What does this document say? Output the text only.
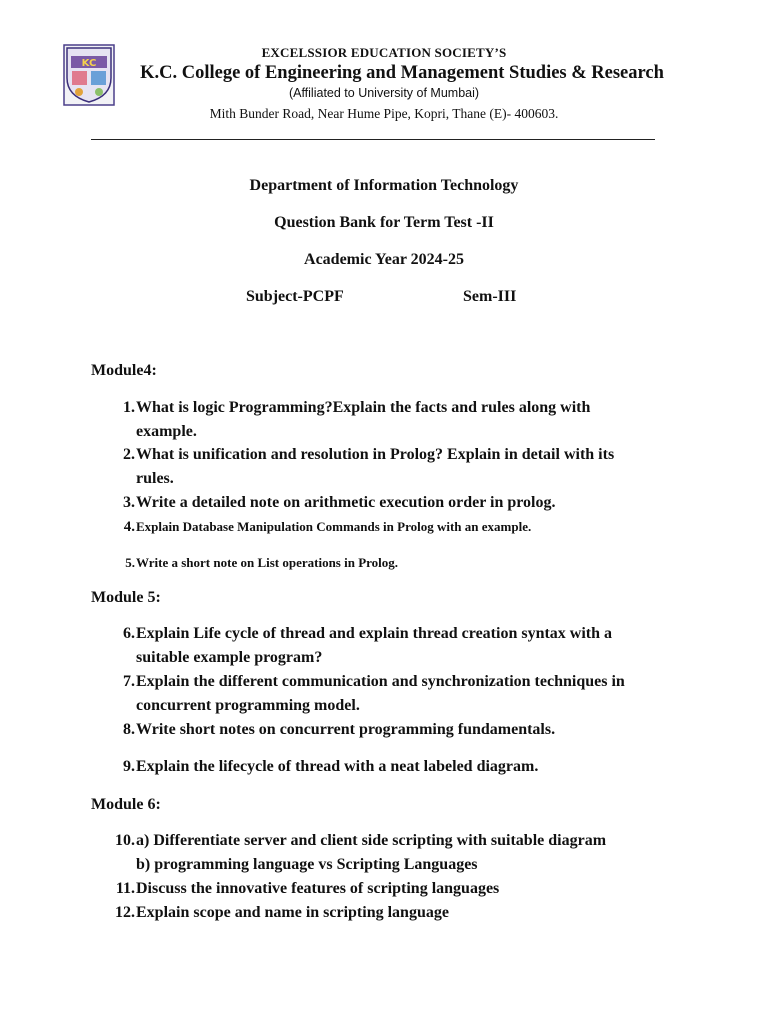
KC
EXCELSSIOR EDUCATION SOCIETY’S
K.C. College of Engineering and Management Studies & Research
(Affiliated to University of Mumbai)
Mith Bunder Road, Near Hume Pipe, Kopri, Thane (E)- 400603.
Department of Information Technology
Question Bank for Term Test -II
Academic Year 2024-25
Subject-PCPF	Sem-III
Module4:
1. What is logic Programming?Explain the facts and rules along with
example.
2. What is unification and resolution in Prolog? Explain in detail with its
rules.
3. Write a detailed note on arithmetic execution order in prolog.
4. Explain Database Manipulation Commands in Prolog with an example.
5. Write a short note on List operations in Prolog.
Module 5:
6. Explain Life cycle of thread and explain thread creation syntax with a
suitable example program?
7. Explain the different communication and synchronization techniques in
concurrent programming model.
8. Write short notes on concurrent programming fundamentals.
9. Explain the lifecycle of thread with a neat labeled diagram.
Module 6:
10. a) Differentiate server and client side scripting with suitable diagram
b) programming language vs Scripting Languages
11. Discuss the innovative features of scripting languages
12. Explain scope and name in scripting language
